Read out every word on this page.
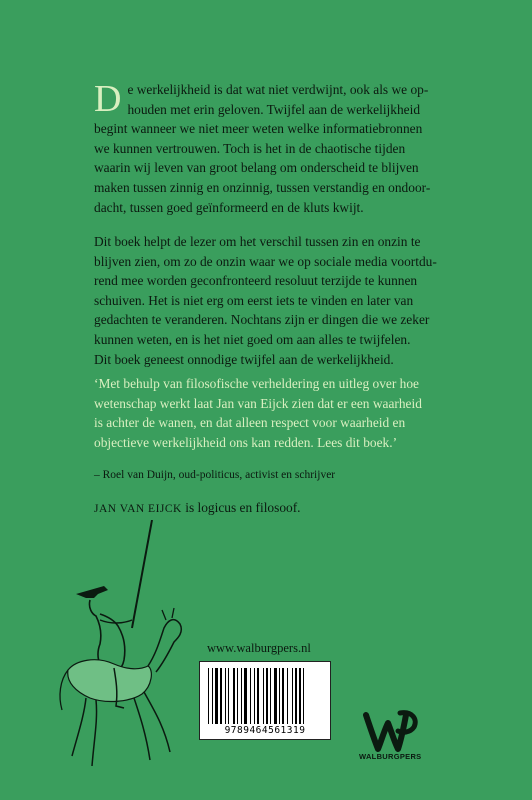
D e werkelijkheid is dat wat niet verdwijnt, ook als we op-
houden met erin geloven. Twijfel aan de werkelijkheid
begint wanneer we niet meer weten welke informatiebronnen
we kunnen vertrouwen. Toch is het in de chaotische tijden
waarin wij leven van groot belang om onderscheid te blijven
maken tussen zinnig en onzinnig, tussen verstandig en ondoor-
dacht, tussen goed geïnformeerd en de kluts kwijt.
Dit boek helpt de lezer om het verschil tussen zin en onzin te
blijven zien, om zo de onzin waar we op sociale media voortdu-
rend mee worden geconfronteerd resoluut terzijde te kunnen
schuiven. Het is niet erg om eerst iets te vinden en later van
gedachten te veranderen. Nochtans zijn er dingen die we zeker
kunnen weten, en is het niet goed om aan alles te twijfelen.
Dit boek geneest onnodige twijfel aan de werkelijkheid.
‘Met behulp van filosofische verheldering en uitleg over hoe
wetenschap werkt laat Jan van Eijck zien dat er een waarheid
is achter de wanen, en dat alleen respect voor waarheid en
objectieve werkelijkheid ons kan redden. Lees dit boek.’
– Roel van Duijn, oud-politicus, activist en schrijver
JAN VAN EIJCK is logicus en filosoof.
www.walburgpers.nl
9789464561319
WALBURGPERS
